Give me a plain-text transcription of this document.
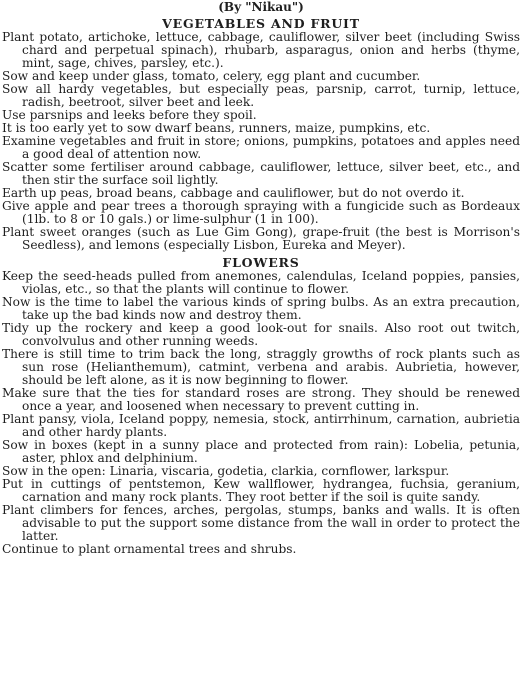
(By "Nikau")
VEGETABLES AND FRUIT

Plant potato, artichoke, lettuce, cabbage, cauliflower, silver beet (including Swiss chard and perpetual spinach), rhubarb, asparagus, onion and herbs (thyme, mint, sage, chives, parsley, etc.).

Sow and keep under glass, tomato, celery, egg plant and cucumber.

Sow all hardy vegetables, but especially peas, parsnip, carrot, turnip, lettuce, radish, beetroot, silver beet and leek.

Use parsnips and leeks before they spoil.

It is too early yet to sow dwarf beans, runners, maize, pumpkins, etc.

Examine vegetables and fruit in store; onions, pumpkins, potatoes and apples need a good deal of attention now.

Scatter some fertiliser around cabbage, cauliflower, lettuce, silver beet, etc., and then stir the surface soil lightly.

Earth up peas, broad beans, cabbage and cauliflower, but do not overdo it.

Give apple and pear trees a thorough spraying with a fungicide such as Bordeaux (1lb. to 8 or 10 gals.) or lime-sulphur (1 in 100).

Plant sweet oranges (such as Lue Gim Gong), grape-fruit (the best is Morrison's Seedless), and lemons (especially Lisbon, Eureka and Meyer).

FLOWERS

Keep the seed-heads pulled from anemones, calendulas, Iceland poppies, pansies, violas, etc., so that the plants will continue to flower.

Now is the time to label the various kinds of spring bulbs. As an extra precaution, take up the bad kinds now and destroy them.

Tidy up the rockery and keep a good look-out for snails. Also root out twitch, convolvulus and other running weeds.

There is still time to trim back the long, straggly growths of rock plants such as sun rose (Helianthemum), catmint, verbena and arabis. Aubrietia, however, should be left alone, as it is now beginning to flower.

Make sure that the ties for standard roses are strong. They should be renewed once a year, and loosened when necessary to prevent cutting in.

Plant pansy, viola, Iceland poppy, nemesia, stock, antirrhinum, carnation, aubrietia and other hardy plants.

Sow in boxes (kept in a sunny place and protected from rain): Lobelia, petunia, aster, phlox and delphinium.

Sow in the open: Linaria, viscaria, godetia, clarkia, cornflower, larkspur.

Put in cuttings of pentstemon, Kew wallflower, hydrangea, fuchsia, geranium, carnation and many rock plants. They root better if the soil is quite sandy.

Plant climbers for fences, arches, pergolas, stumps, banks and walls. It is often advisable to put the support some distance from the wall in order to protect the latter.

Continue to plant ornamental trees and shrubs.
